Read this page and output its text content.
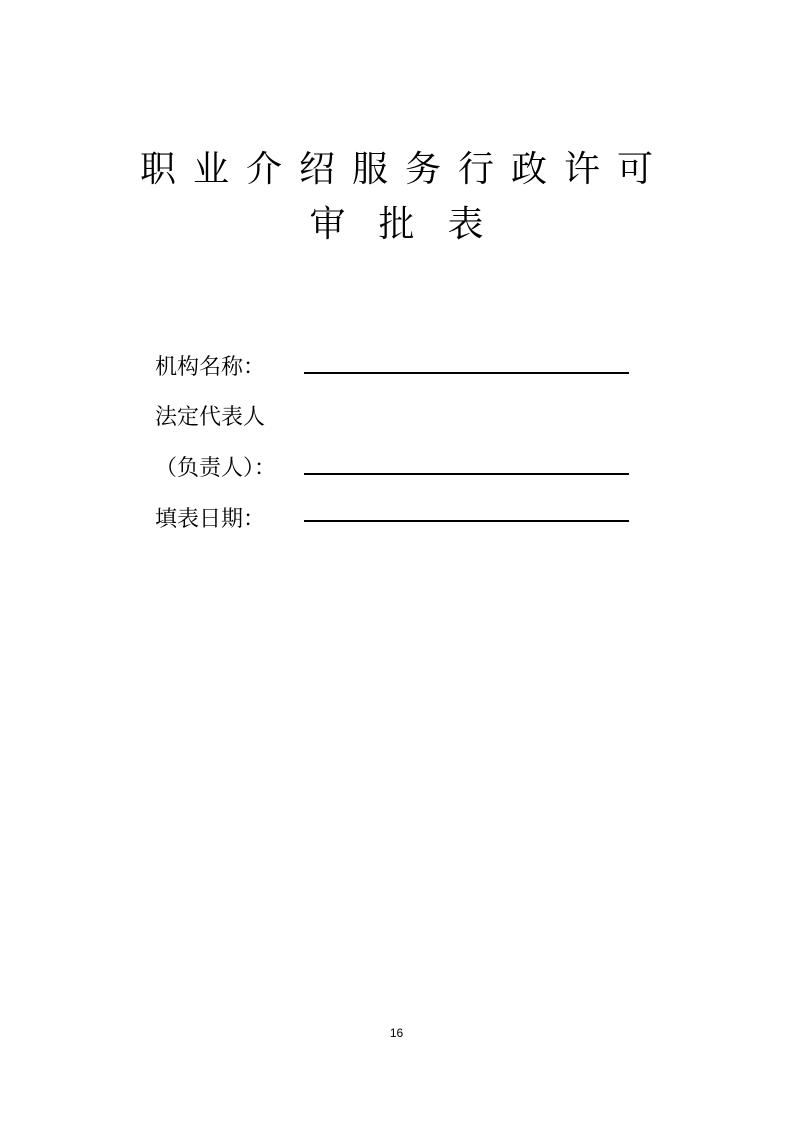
职业介绍服务行政许可
审批表
机构名称：
法定代表人
（负责人）：
填表日期：
16
